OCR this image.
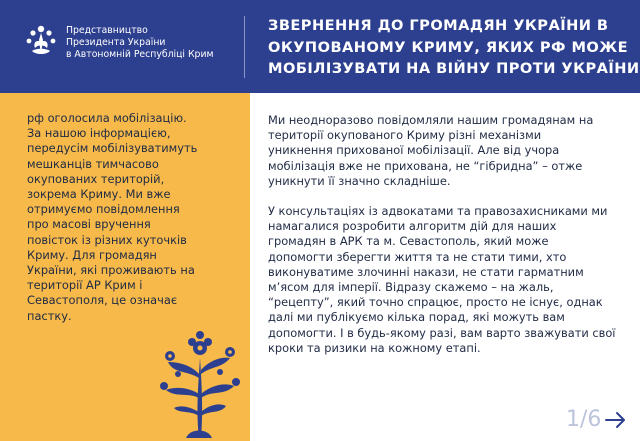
Представництво
Президента України
в Автономній Республіці Крим
ЗВЕРНЕННЯ ДО ГРОМАДЯН УКРАЇНИ В
ОКУПОВАНОМУ КРИМУ, ЯКИХ РФ МОЖЕ
МОБІЛІЗУВАТИ НА ВІЙНУ ПРОТИ УКРАЇНИ
рф оголосила мобілізацію.
За нашою інформацією,
передусім мобілізуватимуть
мешканців тимчасово
окупованих територій,
зокрема Криму. Ми вже
отримуємо повідомлення
про масові вручення
повісток із різних куточків
Криму. Для громадян
України, які проживають на
території АР Крим і
Севастополя, це означає
пастку.
Ми неодноразово повідомляли нашим громадянам на
території окупованого Криму різні механізми
уникнення прихованої мобілізації. Але від учора
мобілізація вже не прихована, не “гібридна” – отже
уникнути її значно складніше.
У консультаціях із адвокатами та правозахисниками ми
намагалися розробити алгоритм дій для наших
громадян в АРК та м. Севастополь, який може
допомогти зберегти життя та не стати тими, хто
виконуватиме злочинні накази, не стати гарматним
м’ясом для імперії. Відразу скажемо – на жаль,
“рецепту”, який точно спрацює, просто не існує, однак
далі ми публікуємо кілька порад, які можуть вам
допомогти. І в будь-якому разі, вам варто зважувати свої
кроки та ризики на кожному етапі.
1/6
